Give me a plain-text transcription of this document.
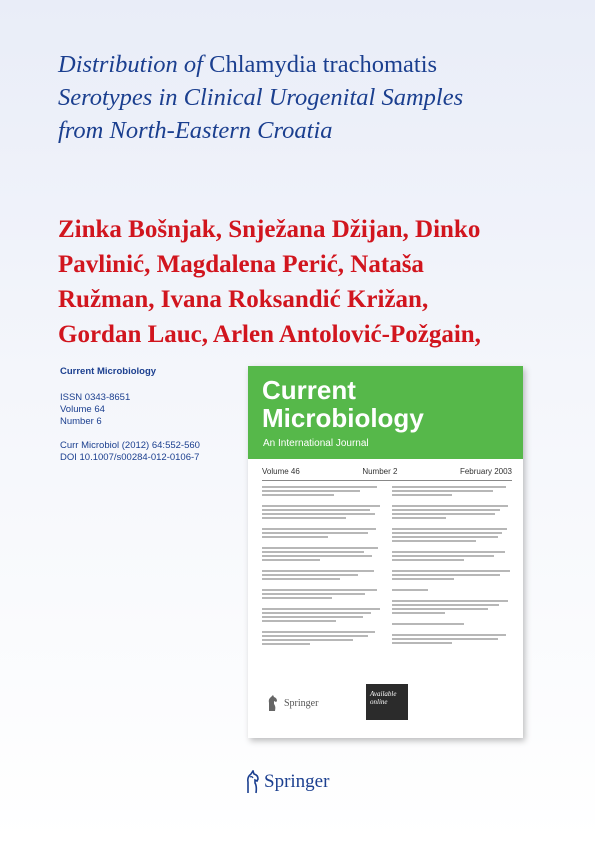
Distribution of Chlamydia trachomatis
Serotypes in Clinical Urogenital Samples
from North-Eastern Croatia
Zinka Bošnjak, Snježana Džijan, Dinko
Pavlinić, Magdalena Perić, Nataša
Ružman, Ivana Roksandić Križan,
Gordan Lauc, Arlen Antolović-Požgain,
Current Microbiology
ISSN 0343-8651
Volume 64
Number 6
Curr Microbiol (2012) 64:552-560
DOI 10.1007/s00284-012-0106-7
Current
Microbiology
An International Journal
Volume 46	Number 2	February 2003
Springer
Available online
Springer
